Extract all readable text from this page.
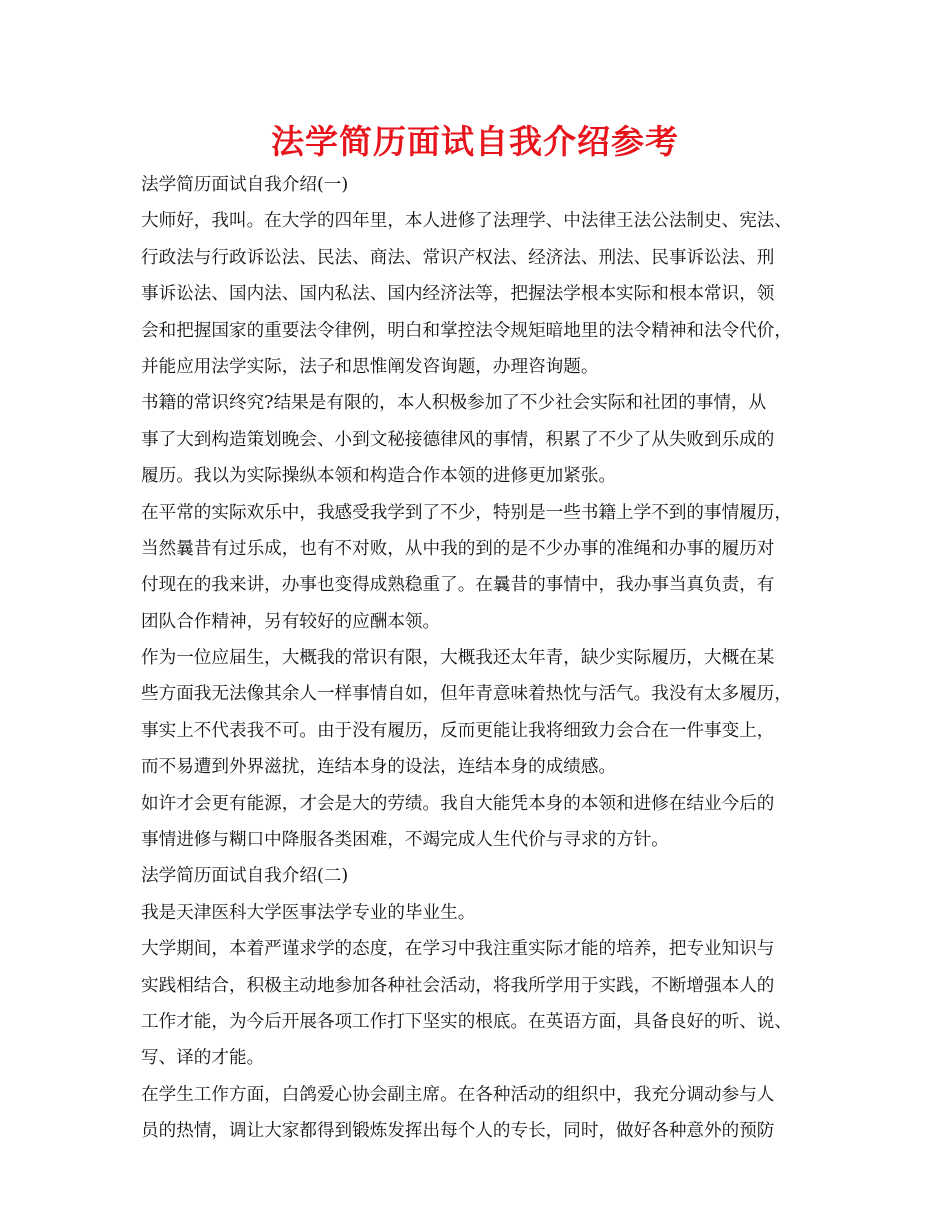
法学简历面试自我介绍参考
法学简历面试自我介绍(一)
大师好，我叫。在大学的四年里，本人进修了法理学、中法律王法公法制史、宪法、
行政法与行政诉讼法、民法、商法、常识产权法、经济法、刑法、民事诉讼法、刑
事诉讼法、国内法、国内私法、国内经济法等，把握法学根本实际和根本常识，领
会和把握国家的重要法令律例，明白和掌控法令规矩暗地里的法令精神和法令代价，
并能应用法学实际，法子和思惟阐发咨询题，办理咨询题。
书籍的常识终究?结果是有限的，本人积极参加了不少社会实际和社团的事情，从
事了大到构造策划晚会、小到文秘接德律风的事情，积累了不少了从失败到乐成的
履历。我以为实际操纵本领和构造合作本领的进修更加紧张。
在平常的实际欢乐中，我感受我学到了不少，特别是一些书籍上学不到的事情履历，
当然曩昔有过乐成，也有不对败，从中我的到的是不少办事的准绳和办事的履历对
付现在的我来讲，办事也变得成熟稳重了。在曩昔的事情中，我办事当真负责，有
团队合作精神，另有较好的应酬本领。
作为一位应届生，大概我的常识有限，大概我还太年青，缺少实际履历，大概在某
些方面我无法像其余人一样事情自如，但年青意味着热忱与活气。我没有太多履历，
事实上不代表我不可。由于没有履历，反而更能让我将细致力会合在一件事变上，
而不易遭到外界滋扰，连结本身的设法，连结本身的成绩感。
如许才会更有能源，才会是大的劳绩。我自大能凭本身的本领和进修在结业今后的
事情进修与糊口中降服各类困难，不竭完成人生代价与寻求的方针。
法学简历面试自我介绍(二)
我是天津医科大学医事法学专业的毕业生。
大学期间，本着严谨求学的态度，在学习中我注重实际才能的培养，把专业知识与
实践相结合，积极主动地参加各种社会活动，将我所学用于实践，不断增强本人的
工作才能，为今后开展各项工作打下坚实的根底。在英语方面，具备良好的听、说、
写、译的才能。
在学生工作方面，白鸽爱心协会副主席。在各种活动的组织中，我充分调动参与人
员的热情，调让大家都得到锻炼发挥出每个人的专长，同时，做好各种意外的预防
